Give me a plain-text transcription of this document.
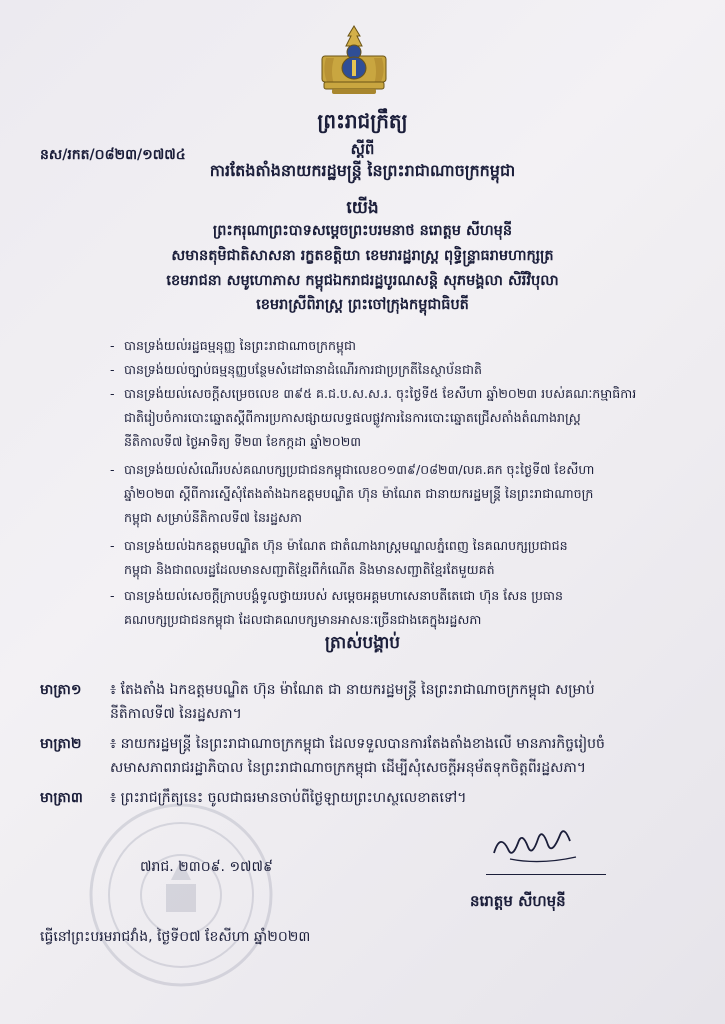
ព្រះរាជក្រឹត្យ
នស/រកត/០៨២៣/១៧៧៤	ស្ដីពី
ការតែងតាំងនាយករដ្ឋមន្ត្រី នៃព្រះរាជាណាចក្រកម្ពុជា
យើង
ព្រះករុណាព្រះបាទសម្ដេចព្រះបរមនាថ នរោត្តម សីហមុនី
សមានតុមិជាតិសាសនា រក្ខតខត្តិយា ខេមរារដ្ឋរាស្ត្រ ពុទ្ធិន្ទ្រាធរាមហាក្សត្រ
ខេមរាជនា សមូហោភាស កម្ពុជឯករាជរដ្ឋបូរណសន្តិ សុភមង្គលា សិរីវិបុលា
ខេមរាស្រីពិរាស្ត្រ ព្រះចៅក្រុងកម្ពុជាធិបតី
- បានទ្រង់យល់រដ្ឋធម្មនុញ្ញ នៃព្រះរាជាណាចក្រកម្ពុជា
- បានទ្រង់យល់ច្បាប់ធម្មនុញ្ញបន្ថែមសំដៅធានាដំណើរការជាប្រក្រតីនៃស្ថាប័នជាតិ
- បានទ្រង់យល់សេចក្ដីសម្រេចលេខ ៣៩៥ គ.ជ.ប.ស.ស.រ. ចុះថ្ងៃទី៥ ខែសីហា ឆ្នាំ២០២៣ របស់គណៈកម្មាធិការ
ជាតិរៀបចំការបោះឆ្នោតស្ដីពីការប្រកាសផ្សាយលទ្ធផលផ្លូវការនៃការបោះឆ្នោតជ្រើសតាំងតំណាងរាស្ត្រ
នីតិកាលទី៧ ថ្ងៃអាទិត្យ ទី២៣ ខែកក្កដា ឆ្នាំ២០២៣
- បានទ្រង់យល់សំណើរបស់គណបក្សប្រជាជនកម្ពុជាលេខ០១៣៩/០៨២៣/លគ.គក ចុះថ្ងៃទី៧ ខែសីហា
ឆ្នាំ២០២៣ ស្ដីពីការស្នើសុំតែងតាំងឯកឧត្ដមបណ្ឌិត ហ៊ុន ម៉ាណែត ជានាយករដ្ឋមន្ត្រី នៃព្រះរាជាណាចក្រ
កម្ពុជា សម្រាប់នីតិកាលទី៧ នៃរដ្ឋសភា
- បានទ្រង់យល់ឯកឧត្ដមបណ្ឌិត ហ៊ុន ម៉ាណែត ជាតំណាងរាស្ត្រមណ្ឌលភ្នំពេញ នៃគណបក្សប្រជាជន
កម្ពុជា និងជាពលរដ្ឋដែលមានសញ្ជាតិខ្មែរពីកំណើត និងមានសញ្ជាតិខ្មែរតែមួយគត់
- បានទ្រង់យល់សេចក្ដីក្រាបបង្គំទូលថ្វាយរបស់ សម្ដេចអគ្គមហាសេនាបតីតេជោ ហ៊ុន សែន ប្រធាន
គណបក្សប្រជាជនកម្ពុជា ដែលជាគណបក្សមានអាសនៈច្រើនជាងគេក្នុងរដ្ឋសភា
ត្រាស់បង្គាប់
មាត្រា១ ៖ តែងតាំង ឯកឧត្ដមបណ្ឌិត ហ៊ុន ម៉ាណែត ជា នាយករដ្ឋមន្ត្រី នៃព្រះរាជាណាចក្រកម្ពុជា សម្រាប់
នីតិកាលទី៧ នៃរដ្ឋសភា។
មាត្រា២ ៖ នាយករដ្ឋមន្ត្រី នៃព្រះរាជាណាចក្រកម្ពុជា ដែលទទួលបានការតែងតាំងខាងលើ មានភារកិច្ចរៀបចំ
សមាសភាពរាជរដ្ឋាភិបាល នៃព្រះរាជាណាចក្រកម្ពុជា ដើម្បីសុំសេចក្ដីអនុម័តទុកចិត្តពីរដ្ឋសភា។
មាត្រា៣ ៖ ព្រះរាជក្រឹត្យនេះ ចូលជាធរមានចាប់ពីថ្ងៃឡាយព្រះហស្ថលេខាតទៅ។
៧រាជ. ២៣០៩. ១៧៧៩
នរោត្តម សីហមុនី
ធ្វើនៅព្រះបរមរាជវាំង, ថ្ងៃទី០៧ ខែសីហា ឆ្នាំ២០២៣
